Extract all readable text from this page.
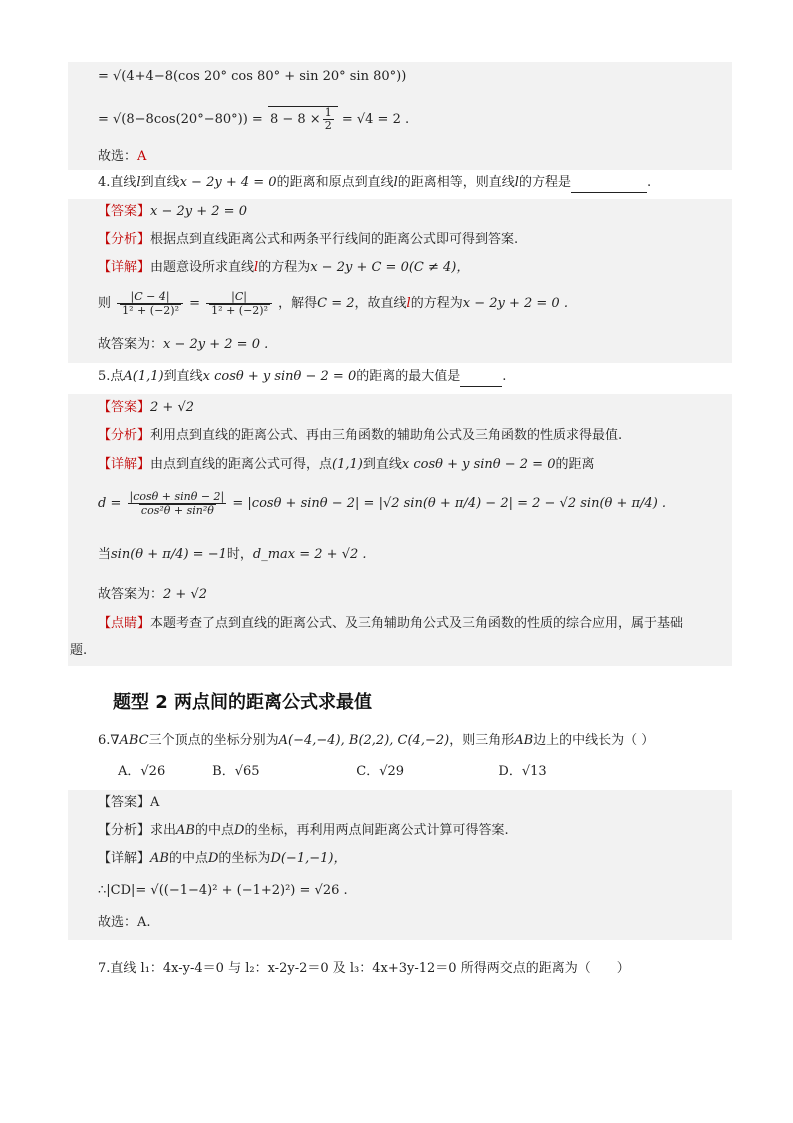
= √(4+4−8(cos 20° cos 80° + sin 20° sin 80°))
= $√(8-8\cos(20^\circ-80^\circ)) = 8 - 8 \times \frac{1}{2} = √4 = 2$ .
故选：A
4.直线l到直线x − 2y + 4 = 0的距离和原点到直线l的距离相等，则直线l的方程是	.
【答案】x − 2y + 2 = 0
【分析】根据点到直线距离公式和两条平行线间的距离公式即可得到答案.
【详解】由题意设所求直线l的方程为x − 2y + C = 0(C ≠ 4)，
则 $\frac{|C - 4|}{\text{1² + (−2)²}} = \frac{|C|}{\text{1² + (−2)²}}$ ，解得C = 2，故直线l的方程为x − 2y + 2 = 0 .
故答案为：x − 2y + 2 = 0 .
5.点A(1,1)到直线x cosθ + y sinθ − 2 = 0的距离的最大值是	.
【答案】2 + √2
【分析】利用点到直线的距离公式、再由三角函数的辅助角公式及三角函数的性质求得最值.
【详解】由点到直线的距离公式可得，点(1,1)到直线x cosθ + y sinθ − 2 = 0的距离
$d = \frac{|\cos\theta + \sin\theta - 2|}{\text{cos²θ + sin²θ}} = |\cos\theta + \sin\theta - 2| = |√2$ sin(θ + π/4) − 2| = 2 − √2 sin(θ + π/4) .
当sin(θ + π/4) = −1时，d_max = 2 + √2 .
故答案为：2 + √2
【点睛】本题考查了点到直线的距离公式、及三角辅助角公式及三角函数的性质的综合应用，属于基础
题.
题型 2 两点间的距离公式求最值
6.∇ABC三个顶点的坐标分别为A(−4,−4), B(2,2), C(4,−2)，则三角形AB边上的中线长为（ ）
A．√26	B．√65	C．√29	D．√13
【答案】A
【分析】求出AB的中点D的坐标，再利用两点间距离公式计算可得答案.
【详解】AB的中点D的坐标为D(−1,−1)，
∴|CD|= √((−1−4)² + (−1+2)²) = √26 .
故选：A.
7.直线 l₁：4x-y-4＝0 与 l₂：x-2y-2＝0 及 l₃：4x+3y-12＝0 所得两交点的距离为（　　）
